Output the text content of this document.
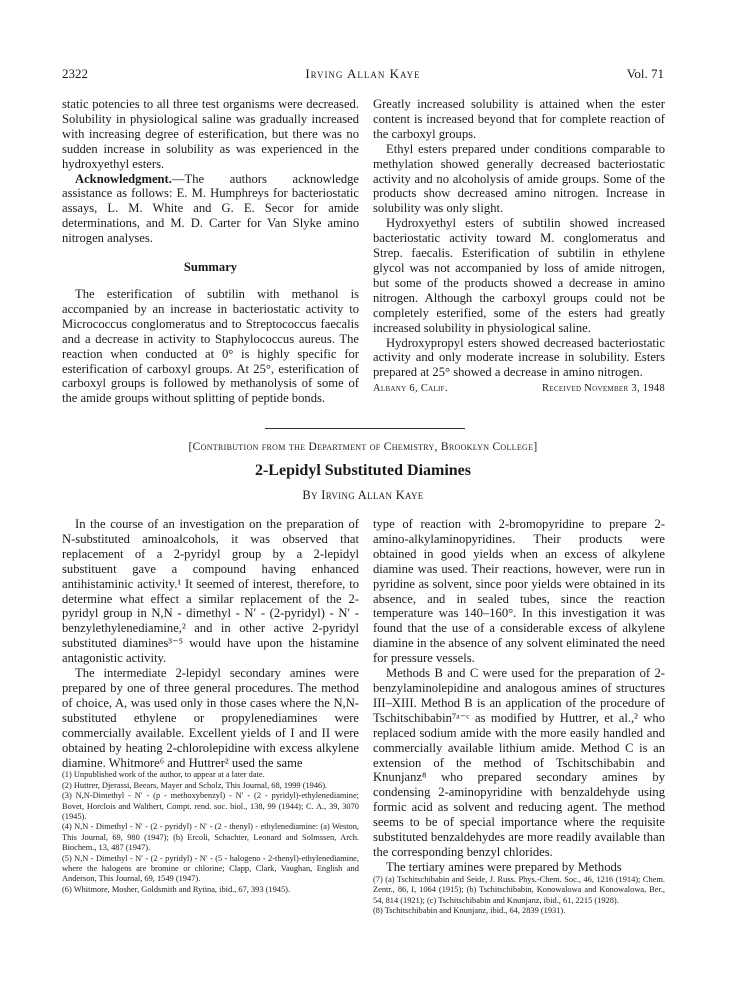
2322	Irving Allan Kaye	Vol. 71

static potencies to all three test organisms were decreased. Solubility in physiological saline was gradually increased with increasing degree of esterification, but there was no sudden increase in solubility as was experienced in the hydroxyethyl esters.

Acknowledgment.—The authors acknowledge assistance as follows: E. M. Humphreys for bacteriostatic assays, L. M. White and G. E. Secor for amide determinations, and M. D. Carter for Van Slyke amino nitrogen analyses.

Summary

The esterification of subtilin with methanol is accompanied by an increase in bacteriostatic activity to Micrococcus conglomeratus and to Streptococcus faecalis and a decrease in activity to Staphylococcus aureus. The reaction when conducted at 0° is highly specific for esterification of carboxyl groups. At 25°, esterification of carboxyl groups is followed by methanolysis of some of the amide groups without splitting of peptide bonds.

Greatly increased solubility is attained when the ester content is increased beyond that for complete reaction of the carboxyl groups.

Ethyl esters prepared under conditions comparable to methylation showed generally decreased bacteriostatic activity and no alcoholysis of amide groups. Some of the products show decreased amino nitrogen. Increase in solubility was only slight.

Hydroxyethyl esters of subtilin showed increased bacteriostatic activity toward M. conglomeratus and Strep. faecalis. Esterification of subtilin in ethylene glycol was not accompanied by loss of amide nitrogen, but some of the products showed a decrease in amino nitrogen. Although the carboxyl groups could not be completely esterified, some of the esters had greatly increased solubility in physiological saline.

Hydroxypropyl esters showed decreased bacteriostatic activity and only moderate increase in solubility. Esters prepared at 25° showed a decrease in amino nitrogen.

Albany 6, Calif.	Received November 3, 1948
[Contribution from the Department of Chemistry, Brooklyn College]
2-Lepidyl Substituted Diamines
By Irving Allan Kaye

In the course of an investigation on the preparation of N-substituted aminoalcohols, it was observed that replacement of a 2-pyridyl group by a 2-lepidyl substituent gave a compound having enhanced antihistaminic activity.¹ It seemed of interest, therefore, to determine what effect a similar replacement of the 2-pyridyl group in N,N - dimethyl - N′ - (2-pyridyl) - N′ - benzylethylenediamine,² and in other active 2-pyridyl substituted diamines³⁻⁵ would have upon the histamine antagonistic activity.

The intermediate 2-lepidyl secondary amines were prepared by one of three general procedures. The method of choice, A, was used only in those cases where the N,N-substituted ethylene or propylenediamines were commercially available. Excellent yields of I and II were obtained by heating 2-chlorolepidine with excess alkylene diamine. Whitmore⁶ and Huttrer² used the same

(1) Unpublished work of the author, to appear at a later date.
(2) Huttrer, Djerassi, Beears, Mayer and Scholz, This Journal, 68, 1999 (1946).
(3) N,N-Dimethyl - N′ - (p - methoxybenzyl) - N′ - (2 - pyridyl)-ethylenediamine; Bovet, Horclois and Walthert, Compt. rend. soc. biol., 138, 99 (1944); C. A., 39, 3070 (1945).
(4) N,N - Dimethyl - N′ - (2 - pyridyl) - N′ - (2 - thenyl) - ethylenediamine: (a) Weston, This Journal, 69, 980 (1947); (b) Ercoli, Schachter, Leonard and Solmssen, Arch. Biochem., 13, 487 (1947).
(5) N,N - Dimethyl - N′ - (2 - pyridyl) - N′ - (5 - halogeno - 2-thenyl)-ethylenediamine, where the halogens are bromine or chlorine; Clapp, Clark, Vaughan, English and Anderson, This Journal, 69, 1549 (1947).
(6) Whitmore, Mosher, Goldsmith and Rytina, ibid., 67, 393 (1945).

type of reaction with 2-bromopyridine to prepare 2-amino-alkylaminopyridines. Their products were obtained in good yields when an excess of alkylene diamine was used. Their reactions, however, were run in pyridine as solvent, since poor yields were obtained in its absence, and in sealed tubes, since the reaction temperature was 140–160°. In this investigation it was found that the use of a considerable excess of alkylene diamine in the absence of any solvent eliminated the need for pressure vessels.

Methods B and C were used for the preparation of 2-benzylaminolepidine and analogous amines of structures III–XIII. Method B is an application of the procedure of Tschitschibabin⁷ᵃ⁻ᶜ as modified by Huttrer, et al.,² who replaced sodium amide with the more easily handled and commercially available lithium amide. Method C is an extension of the method of Tschitschibabin and Knunjanz⁸ who prepared secondary amines by condensing 2-aminopyridine with benzaldehyde using formic acid as solvent and reducing agent. The method seems to be of special importance where the requisite substituted benzaldehydes are more readily available than the corresponding benzyl chlorides.

The tertiary amines were prepared by Methods

(7) (a) Tschitschibabin and Seide, J. Russ. Phys.-Chem. Soc., 46, 1216 (1914); Chem. Zentr., 86, I, 1064 (1915); (b) Tschitschibabin, Konowalowa and Konowalowa, Ber., 54, 814 (1921); (c) Tschitschibabin and Knunjanz, ibid., 61, 2215 (1928).
(8) Tschitschibabin and Knunjanz, ibid., 64, 2839 (1931).
